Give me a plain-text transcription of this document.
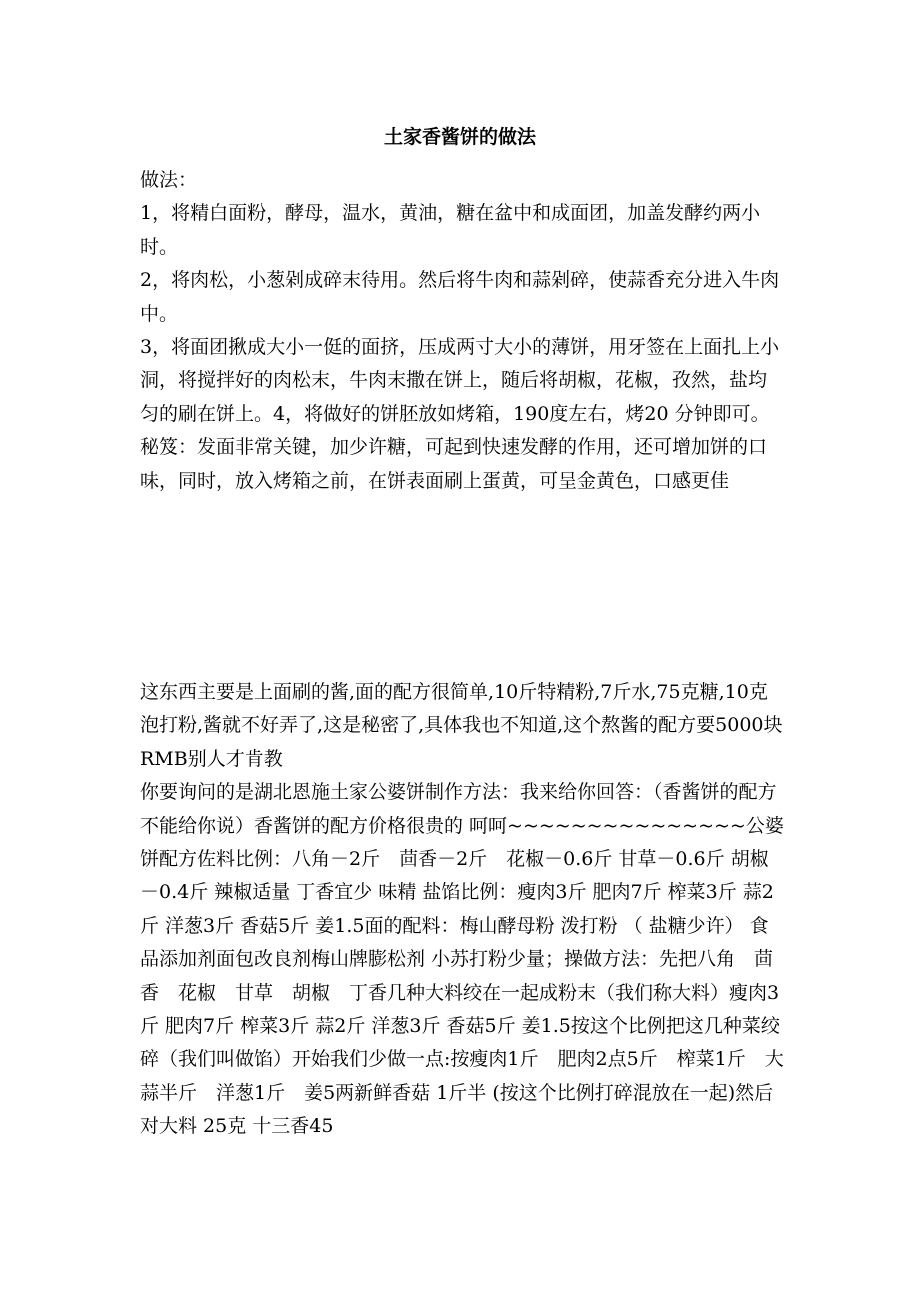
土家香酱饼的做法

做法：

1，将精白面粉，酵母，温水，黄油，糖在盆中和成面团，加盖发酵约两小时。

2，将肉松，小葱剁成碎末待用。然后将牛肉和蒜剁碎，使蒜香充分进入牛肉中。

3，将面团揪成大小一侹的面挤，压成两寸大小的薄饼，用牙签在上面扎上小洞，将搅拌好的肉松末，牛肉末撒在饼上，随后将胡椒，花椒，孜然，盐均匀的刷在饼上。4，将做好的饼胚放如烤箱，190度左右，烤20 分钟即可。

秘笈：发面非常关键，加少许糖，可起到快速发酵的作用，还可增加饼的口味，同时，放入烤箱之前，在饼表面刷上蛋黄，可呈金黄色，口感更佳

这东西主要是上面刷的酱,面的配方很简单,10斤特精粉,7斤水,75克糖,10克泡打粉,酱就不好弄了,这是秘密了,具体我也不知道,这个熬酱的配方要5000块RMB别人才肯教

你要询问的是湖北恩施土家公婆饼制作方法：我来给你回答：（香酱饼的配方不能给你说）香酱饼的配方价格很贵的 呵呵~~~~~~~~~~~~~~~公婆饼配方佐料比例：八角－2斤　茴香－2斤　花椒－0.6斤 甘草－0.6斤 胡椒－0.4斤 辣椒适量 丁香宜少 味精 盐馅比例：瘦肉3斤 肥肉7斤 榨菜3斤 蒜2斤 洋葱3斤 香菇5斤 姜1.5面的配料：梅山酵母粉 泼打粉 （ 盐糖少许） 食品添加剂面包改良剂梅山牌膨松剂 小苏打粉少量；操做方法：先把八角　茴香　花椒　甘草　胡椒　丁香几种大料绞在一起成粉末（我们称大料）瘦肉3斤 肥肉7斤 榨菜3斤 蒜2斤 洋葱3斤 香菇5斤 姜1.5按这个比例把这几种菜绞碎（我们叫做馅）开始我们少做一点:按瘦肉1斤　肥肉2点5斤　榨菜1斤　大蒜半斤　洋葱1斤　姜5两新鲜香菇 1斤半 (按这个比例打碎混放在一起)然后对大料 25克 十三香45
